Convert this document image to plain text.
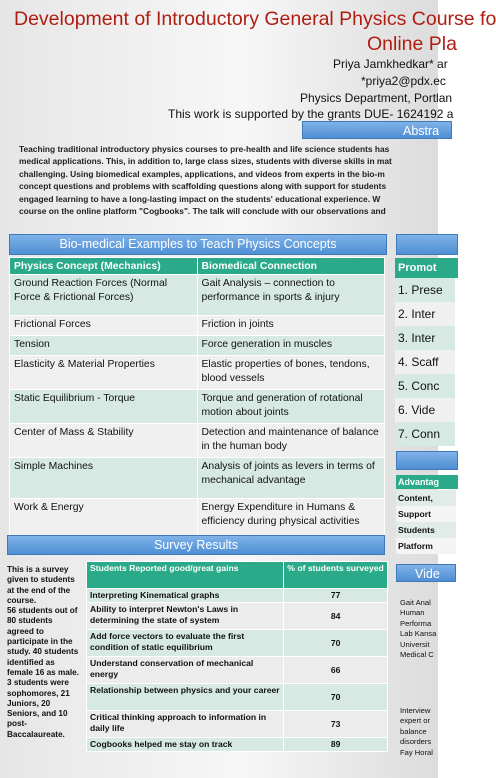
Development of Introductory General Physics Course fo
Online Pla
Priya Jamkhedkar* ar
*priya2@pdx.ec
Physics Department, Portlan
This work is supported by the grants DUE- 1624192 a
Abstra
Teaching traditional introductory physics courses to pre-health and life science students has
medical applications. This, in addition to, large class sizes, students with diverse skills in mat
challenging. Using biomedical examples, applications, and videos from experts in the bio-m
concept questions and problems with scaffolding questions along with support for students
engaged learning to have a long-lasting impact on the students' educational experience. W
course on the online platform "Cogbooks". The talk will conclude with our observations and
Bio-medical Examples to Teach Physics Concepts
Physics Concept (Mechanics)	Biomedical Connection
Ground Reaction Forces (Normal Force & Frictional Forces)	Gait Analysis – connection to performance in sports & injury
Frictional Forces	Friction in joints
Tension	Force generation in muscles
Elasticity & Material Properties	Elastic properties of bones, tendons, blood vessels
Static Equilibrium - Torque	Torque and generation of rotational motion about joints
Center of Mass & Stability	Detection and maintenance of balance in the human body
Simple Machines	Analysis of joints as levers in terms of mechanical advantage
Work & Energy	Energy Expenditure in Humans & efficiency during physical activities
Survey Results
This is a survey
given to students
at the end of the
course.
56 students out of
80 students
agreed to
participate in the
study. 40 students
identified as
female 16 as male.
3 students were
sophomores, 21
Juniors, 20
Seniors, and 10
post-
Baccalaureate.
Students Reported good/great gains	% of students surveyed
Interpreting Kinematical graphs	77
Ability to interpret Newton's Laws in determining the state of system	84
Add force vectors to evaluate the first condition of static equilibrium	70
Understand conservation of mechanical energy	66
Relationship between physics and your career	70
Critical thinking approach to information in daily life	73
Cogbooks helped me stay on track	89
Promot
1. Prese
2. Inter
3. Inter
4. Scaff
5. Conc
6. Vide
7. Conn
Advantag
Content,
Support
Students
Platform
Vide
Gait Anal
Human
Performa
Lab Kansa
Universit
Medical C
Interview
expert or
balance
disorders
Fay Horal
